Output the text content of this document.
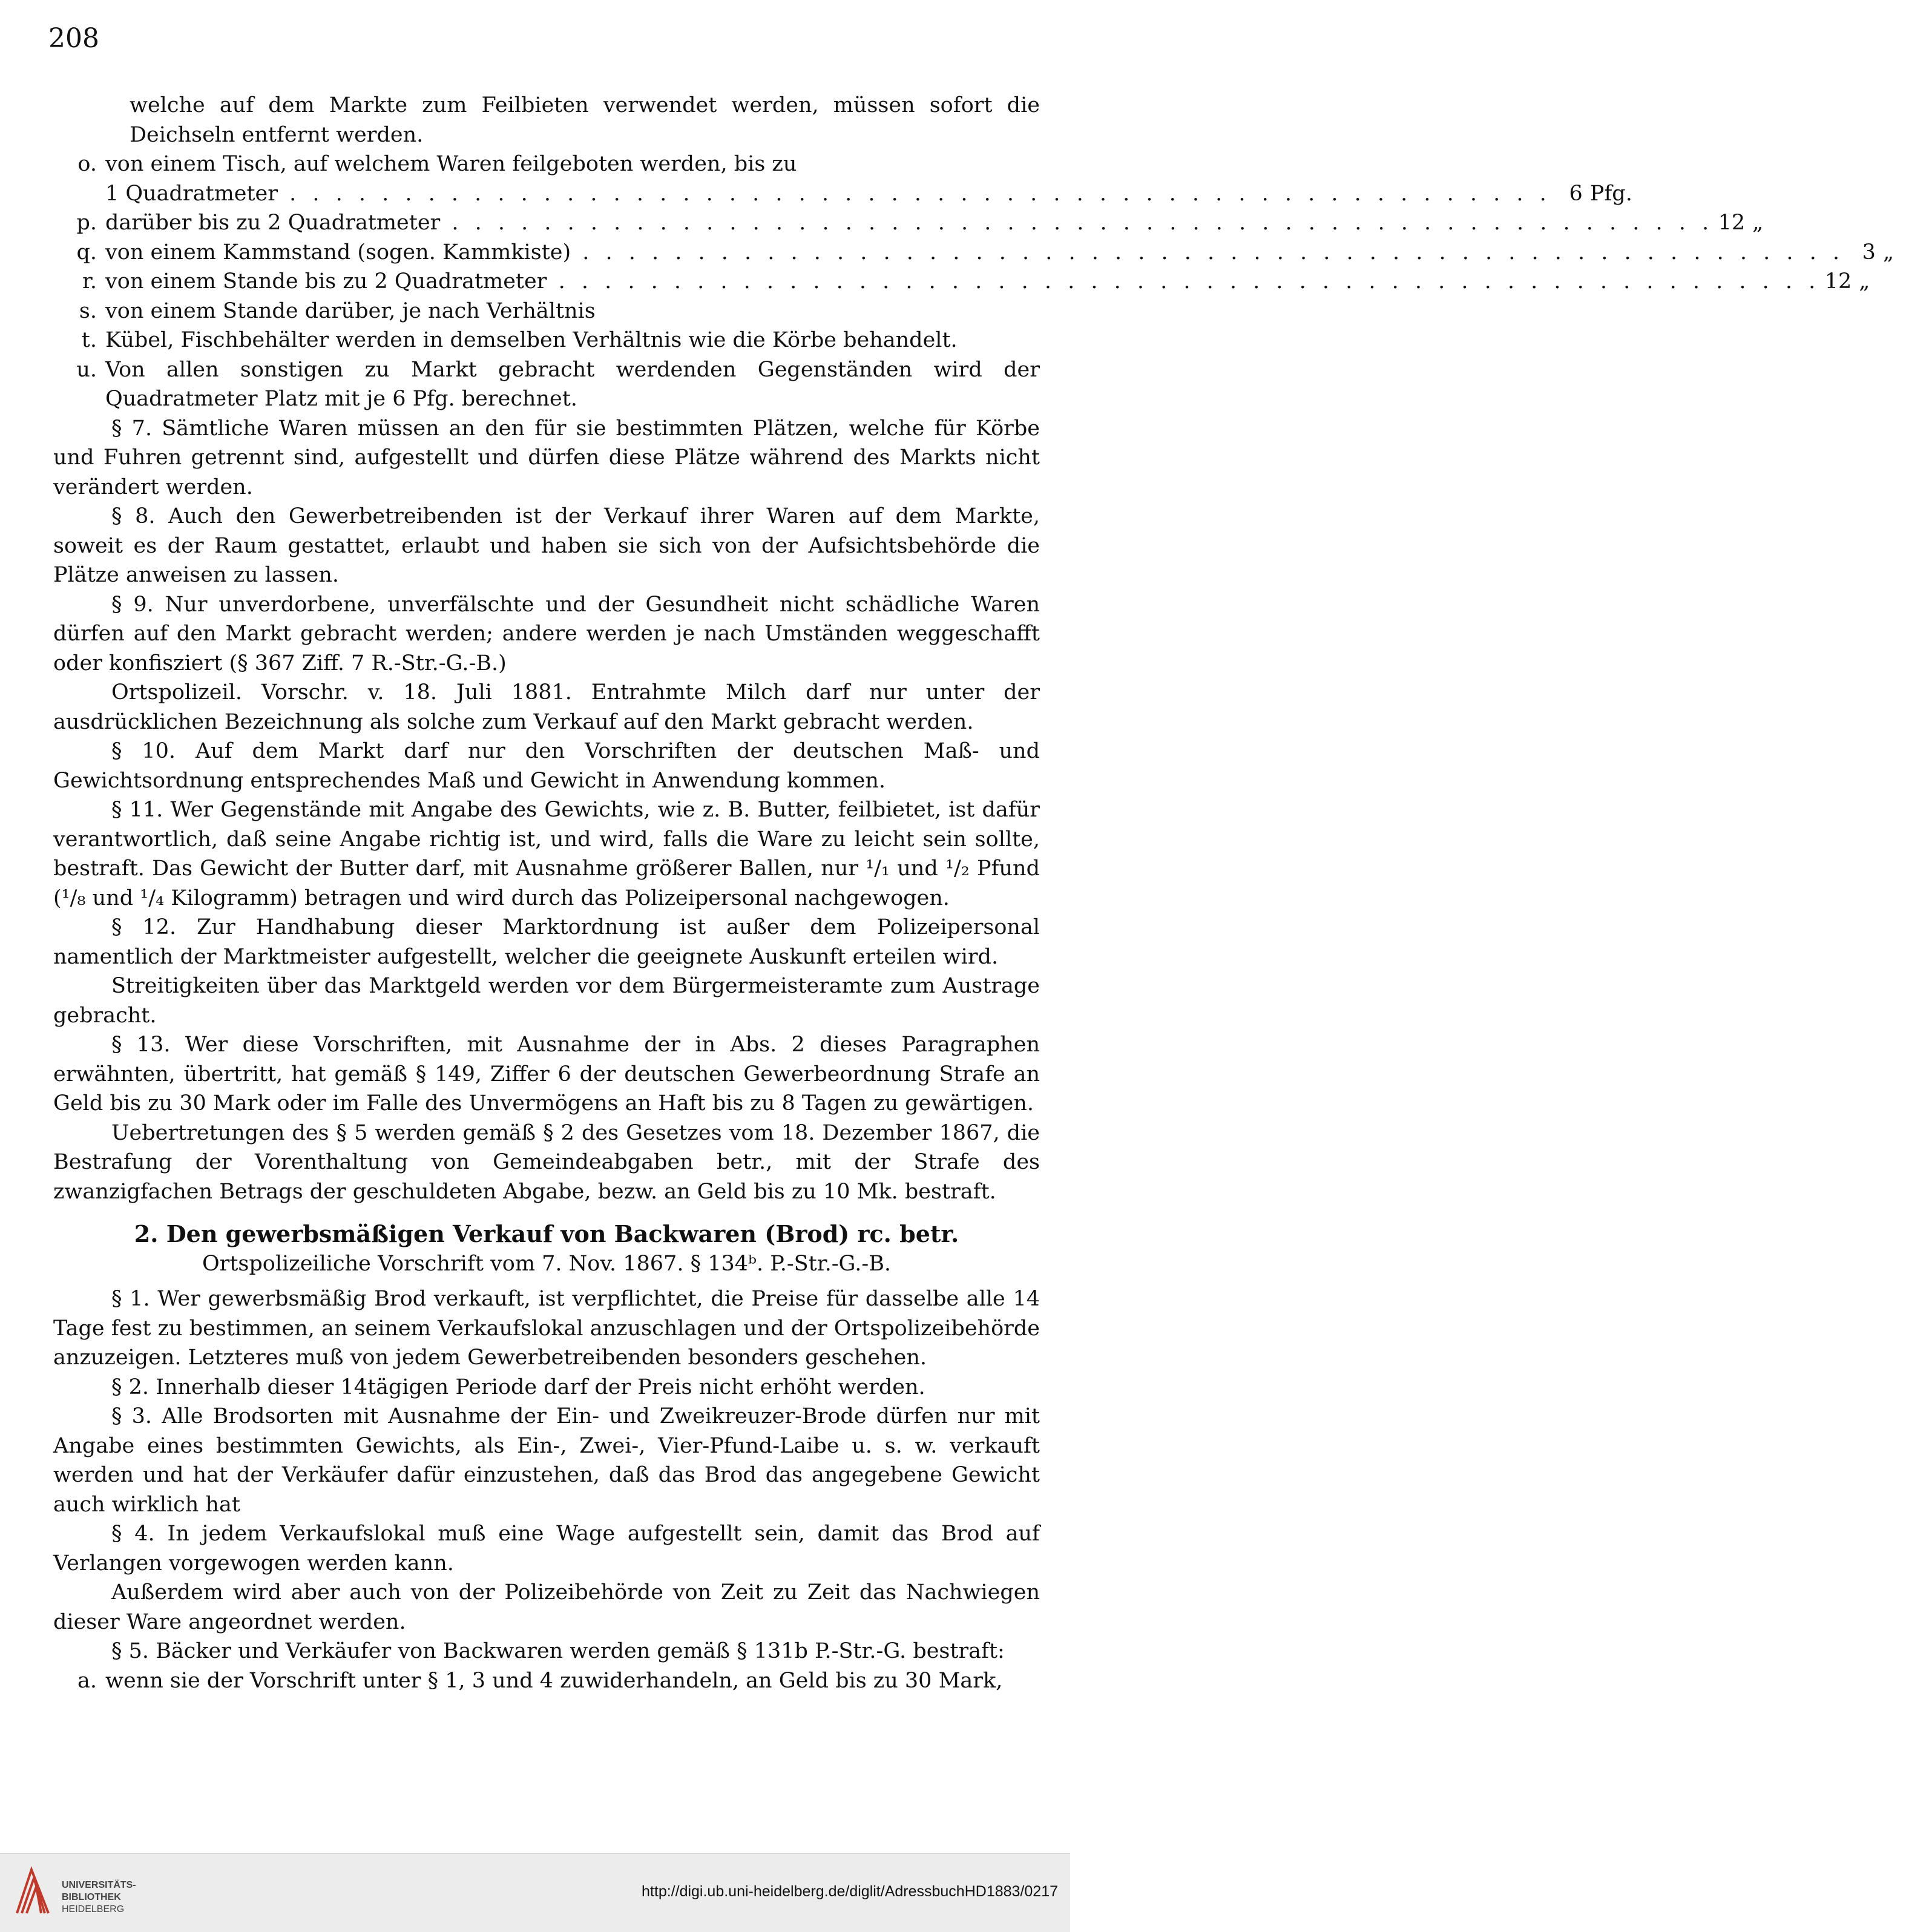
208

welche auf dem Markte zum Feilbieten verwendet werden, müssen sofort die Deichseln entfernt werden.

o. von einem Tisch, auf welchem Waren feilgeboten werden, bis zu
1 Quadratmeter . . .	6 Pfg.
p. darüber bis zu 2 Quadratmeter . . .	12 „
q. von einem Kammstand (sogen. Kammkiste) . . .	3 „
r. von einem Stande bis zu 2 Quadratmeter . . .	12 „
s. von einem Stande darüber, je nach Verhältnis
t. Kübel, Fischbehälter werden in demselben Verhältnis wie die Körbe behandelt.
u. Von allen sonstigen zu Markt gebracht werdenden Gegenständen wird der Quadratmeter Platz mit je 6 Pfg. berechnet.

§ 7. Sämtliche Waren müssen an den für sie bestimmten Plätzen, welche für Körbe und Fuhren getrennt sind, aufgestellt und dürfen diese Plätze während des Markts nicht verändert werden.

§ 8. Auch den Gewerbetreibenden ist der Verkauf ihrer Waren auf dem Markte, soweit es der Raum gestattet, erlaubt und haben sie sich von der Aufsichtsbehörde die Plätze anweisen zu lassen.

§ 9. Nur unverdorbene, unverfälschte und der Gesundheit nicht schädliche Waren dürfen auf den Markt gebracht werden; andere werden je nach Umständen weggeschafft oder konfisziert (§ 367 Ziff. 7 R.-Str.-G.-B.)

Ortspolizeil. Vorschr. v. 18. Juli 1881. Entrahmte Milch darf nur unter der ausdrücklichen Bezeichnung als solche zum Verkauf auf den Markt gebracht werden.

§ 10. Auf dem Markt darf nur den Vorschriften der deutschen Maß- und Gewichtsordnung entsprechendes Maß und Gewicht in Anwendung kommen.

§ 11. Wer Gegenstände mit Angabe des Gewichts, wie z. B. Butter, feilbietet, ist dafür verantwortlich, daß seine Angabe richtig ist, und wird, falls die Ware zu leicht sein sollte, bestraft. Das Gewicht der Butter darf, mit Ausnahme größerer Ballen, nur ¹/₁ und ¹/₂ Pfund (¹/₈ und ¹/₄ Kilogramm) betragen und wird durch das Polizeipersonal nachgewogen.

§ 12. Zur Handhabung dieser Marktordnung ist außer dem Polizeipersonal namentlich der Marktmeister aufgestellt, welcher die geeignete Auskunft erteilen wird.

Streitigkeiten über das Marktgeld werden vor dem Bürgermeisteramte zum Austrage gebracht.

§ 13. Wer diese Vorschriften, mit Ausnahme der in Abs. 2 dieses Paragraphen erwähnten, übertritt, hat gemäß § 149, Ziffer 6 der deutschen Gewerbeordnung Strafe an Geld bis zu 30 Mark oder im Falle des Unvermögens an Haft bis zu 8 Tagen zu gewärtigen.

Uebertretungen des § 5 werden gemäß § 2 des Gesetzes vom 18. Dezember 1867, die Bestrafung der Vorenthaltung von Gemeindeabgaben betr., mit der Strafe des zwanzigfachen Betrags der geschuldeten Abgabe, bezw. an Geld bis zu 10 Mk. bestraft.

2. Den gewerbsmäßigen Verkauf von Backwaren (Brod) rc. betr.
Ortspolizeiliche Vorschrift vom 7. Nov. 1867. § 134ᵇ. P.-Str.-G.-B.

§ 1. Wer gewerbsmäßig Brod verkauft, ist verpflichtet, die Preise für dasselbe alle 14 Tage fest zu bestimmen, an seinem Verkaufslokal anzuschlagen und der Ortspolizeibehörde anzuzeigen. Letzteres muß von jedem Gewerbetreibenden besonders geschehen.

§ 2. Innerhalb dieser 14tägigen Periode darf der Preis nicht erhöht werden.

§ 3. Alle Brodsorten mit Ausnahme der Ein- und Zweikreuzer-Brode dürfen nur mit Angabe eines bestimmten Gewichts, als Ein-, Zwei-, Vier-Pfund-Laibe u. s. w. verkauft werden und hat der Verkäufer dafür einzustehen, daß das Brod das angegebene Gewicht auch wirklich hat

§ 4. In jedem Verkaufslokal muß eine Wage aufgestellt sein, damit das Brod auf Verlangen vorgewogen werden kann.

Außerdem wird aber auch von der Polizeibehörde von Zeit zu Zeit das Nachwiegen dieser Ware angeordnet werden.

§ 5. Bäcker und Verkäufer von Backwaren werden gemäß § 131b P.-Str.-G. bestraft:

a. wenn sie der Vorschrift unter § 1, 3 und 4 zuwiderhandeln, an Geld bis zu 30 Mark,
UNIVERSITÄTS-
BIBLIOTHEK
HEIDELBERG
http://digi.ub.uni-heidelberg.de/diglit/AdressbuchHD1883/0217
